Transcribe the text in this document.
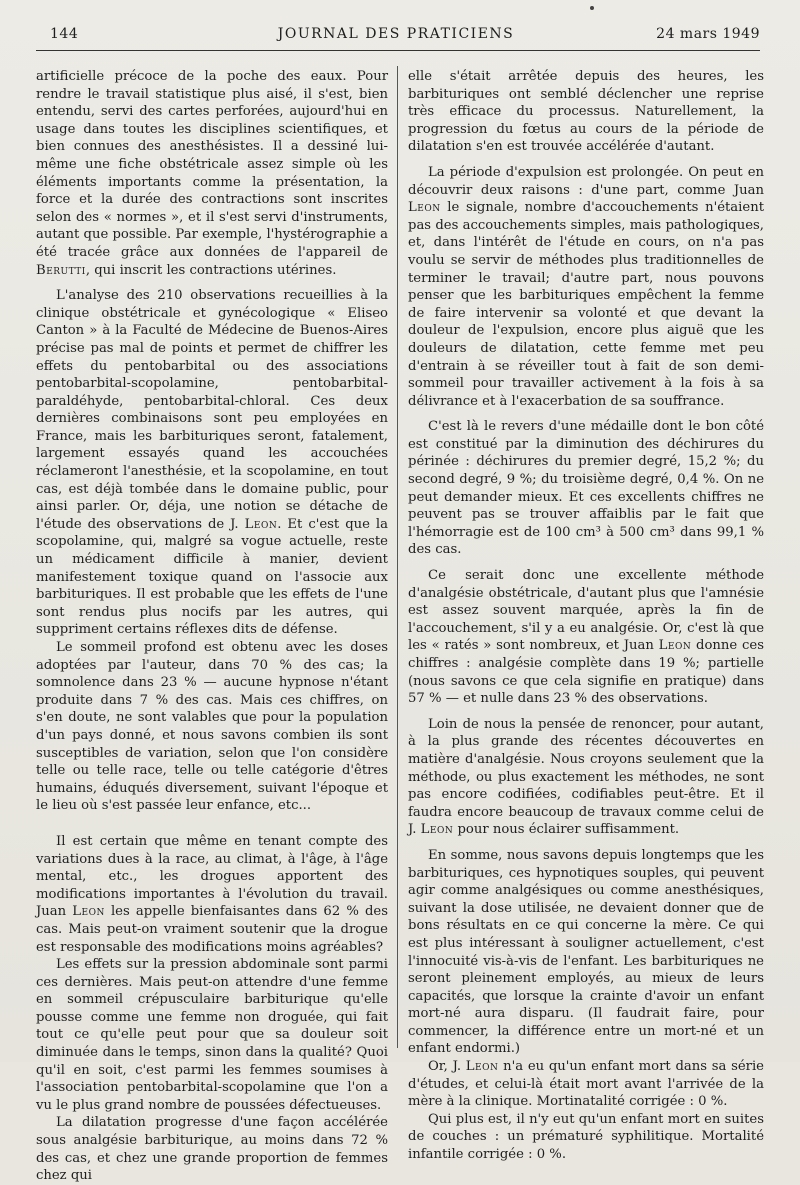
144	JOURNAL DES PRATICIENS	24 mars 1949

artificielle précoce de la poche des eaux. Pour rendre le travail statistique plus aisé, il s'est, bien entendu, servi des cartes perforées, aujourd'hui en usage dans toutes les disciplines scientifiques, et bien connues des anesthésistes. Il a dessiné lui-même une fiche obstétricale assez simple où les éléments importants comme la présentation, la force et la durée des contractions sont inscrites selon des « normes », et il s'est servi d'instruments, autant que possible. Par exemple, l'hystérographie a été tracée grâce aux données de l'appareil de Berutti, qui inscrit les contractions utérines.

L'analyse des 210 observations recueillies à la clinique obstétricale et gynécologique « Eliseo Canton » à la Faculté de Médecine de Buenos-Aires précise pas mal de points et permet de chiffrer les effets du pentobarbital ou des associations pentobarbital-scopolamine, pentobarbital-paraldéhyde, pentobarbital-chloral. Ces deux dernières combinaisons sont peu employées en France, mais les barbituriques seront, fatalement, largement essayés quand les accouchées réclameront l'anesthésie, et la scopolamine, en tout cas, est déjà tombée dans le domaine public, pour ainsi parler. Or, déja, une notion se détache de l'étude des observations de J. Leon. Et c'est que la scopolamine, qui, malgré sa vogue actuelle, reste un médicament difficile à manier, devient manifestement toxique quand on l'associe aux barbituriques. Il est probable que les effets de l'une sont rendus plus nocifs par les autres, qui suppriment certains réflexes dits de défense.

Le sommeil profond est obtenu avec les doses adoptées par l'auteur, dans 70 % des cas; la somnolence dans 23 % — aucune hypnose n'étant produite dans 7 % des cas. Mais ces chiffres, on s'en doute, ne sont valables que pour la population d'un pays donné, et nous savons combien ils sont susceptibles de variation, selon que l'on considère telle ou telle race, telle ou telle catégorie d'êtres humains, éduqués diversement, suivant l'époque et le lieu où s'est passée leur enfance, etc...

Il est certain que même en tenant compte des variations dues à la race, au climat, à l'âge, à l'âge mental, etc., les drogues apportent des modifications importantes à l'évolution du travail. Juan Leon les appelle bienfaisantes dans 62 % des cas. Mais peut-on vraiment soutenir que la drogue est responsable des modifications moins agréables?

Les effets sur la pression abdominale sont parmi ces dernières. Mais peut-on attendre d'une femme en sommeil crépusculaire barbiturique qu'elle pousse comme une femme non droguée, qui fait tout ce qu'elle peut pour que sa douleur soit diminuée dans le temps, sinon dans la qualité? Quoi qu'il en soit, c'est parmi les femmes soumises à l'association pentobarbital-scopolamine que l'on a vu le plus grand nombre de poussées défectueuses.

La dilatation progresse d'une façon accélérée sous analgésie barbiturique, au moins dans 72 % des cas, et chez une grande proportion de femmes chez qui

elle s'était arrêtée depuis des heures, les barbituriques ont semblé déclencher une reprise très efficace du processus. Naturellement, la progression du fœtus au cours de la période de dilatation s'en est trouvée accélérée d'autant.

La période d'expulsion est prolongée. On peut en découvrir deux raisons : d'une part, comme Juan Leon le signale, nombre d'accouchements n'étaient pas des accouchements simples, mais pathologiques, et, dans l'intérêt de l'étude en cours, on n'a pas voulu se servir de méthodes plus traditionnelles de terminer le travail; d'autre part, nous pouvons penser que les barbituriques empêchent la femme de faire intervenir sa volonté et que devant la douleur de l'expulsion, encore plus aiguë que les douleurs de dilatation, cette femme met peu d'entrain à se réveiller tout à fait de son demi-sommeil pour travailler activement à la fois à sa délivrance et à l'exacerbation de sa souffrance.

C'est là le revers d'une médaille dont le bon côté est constitué par la diminution des déchirures du périnée : déchirures du premier degré, 15,2 %; du second degré, 9 %; du troisième degré, 0,4 %. On ne peut demander mieux. Et ces excellents chiffres ne peuvent pas se trouver affaiblis par le fait que l'hémorragie est de 100 cm³ à 500 cm³ dans 99,1 % des cas.

Ce serait donc une excellente méthode d'analgésie obstétricale, d'autant plus que l'amnésie est assez souvent marquée, après la fin de l'accouchement, s'il y a eu analgésie. Or, c'est là que les « ratés » sont nombreux, et Juan Leon donne ces chiffres : analgésie complète dans 19 %; partielle (nous savons ce que cela signifie en pratique) dans 57 % — et nulle dans 23 % des observations.

Loin de nous la pensée de renoncer, pour autant, à la plus grande des récentes découvertes en matière d'analgésie. Nous croyons seulement que la méthode, ou plus exactement les méthodes, ne sont pas encore codifiées, codifiables peut-être. Et il faudra encore beaucoup de travaux comme celui de J. Leon pour nous éclairer suffisamment.

En somme, nous savons depuis longtemps que les barbituriques, ces hypnotiques souples, qui peuvent agir comme analgésiques ou comme anesthésiques, suivant la dose utilisée, ne devaient donner que de bons résultats en ce qui concerne la mère. Ce qui est plus intéressant à souligner actuellement, c'est l'innocuité vis-à-vis de l'enfant. Les barbituriques ne seront pleinement employés, au mieux de leurs capacités, que lorsque la crainte d'avoir un enfant mort-né aura disparu. (Il faudrait faire, pour commencer, la différence entre un mort-né et un enfant endormi.)

Or, J. Leon n'a eu qu'un enfant mort dans sa série d'études, et celui-là était mort avant l'arrivée de la mère à la clinique. Mortinatalité corrigée : 0 %.

Qui plus est, il n'y eut qu'un enfant mort en suites de couches : un prématuré syphilitique. Mortalité infantile corrigée : 0 %.
